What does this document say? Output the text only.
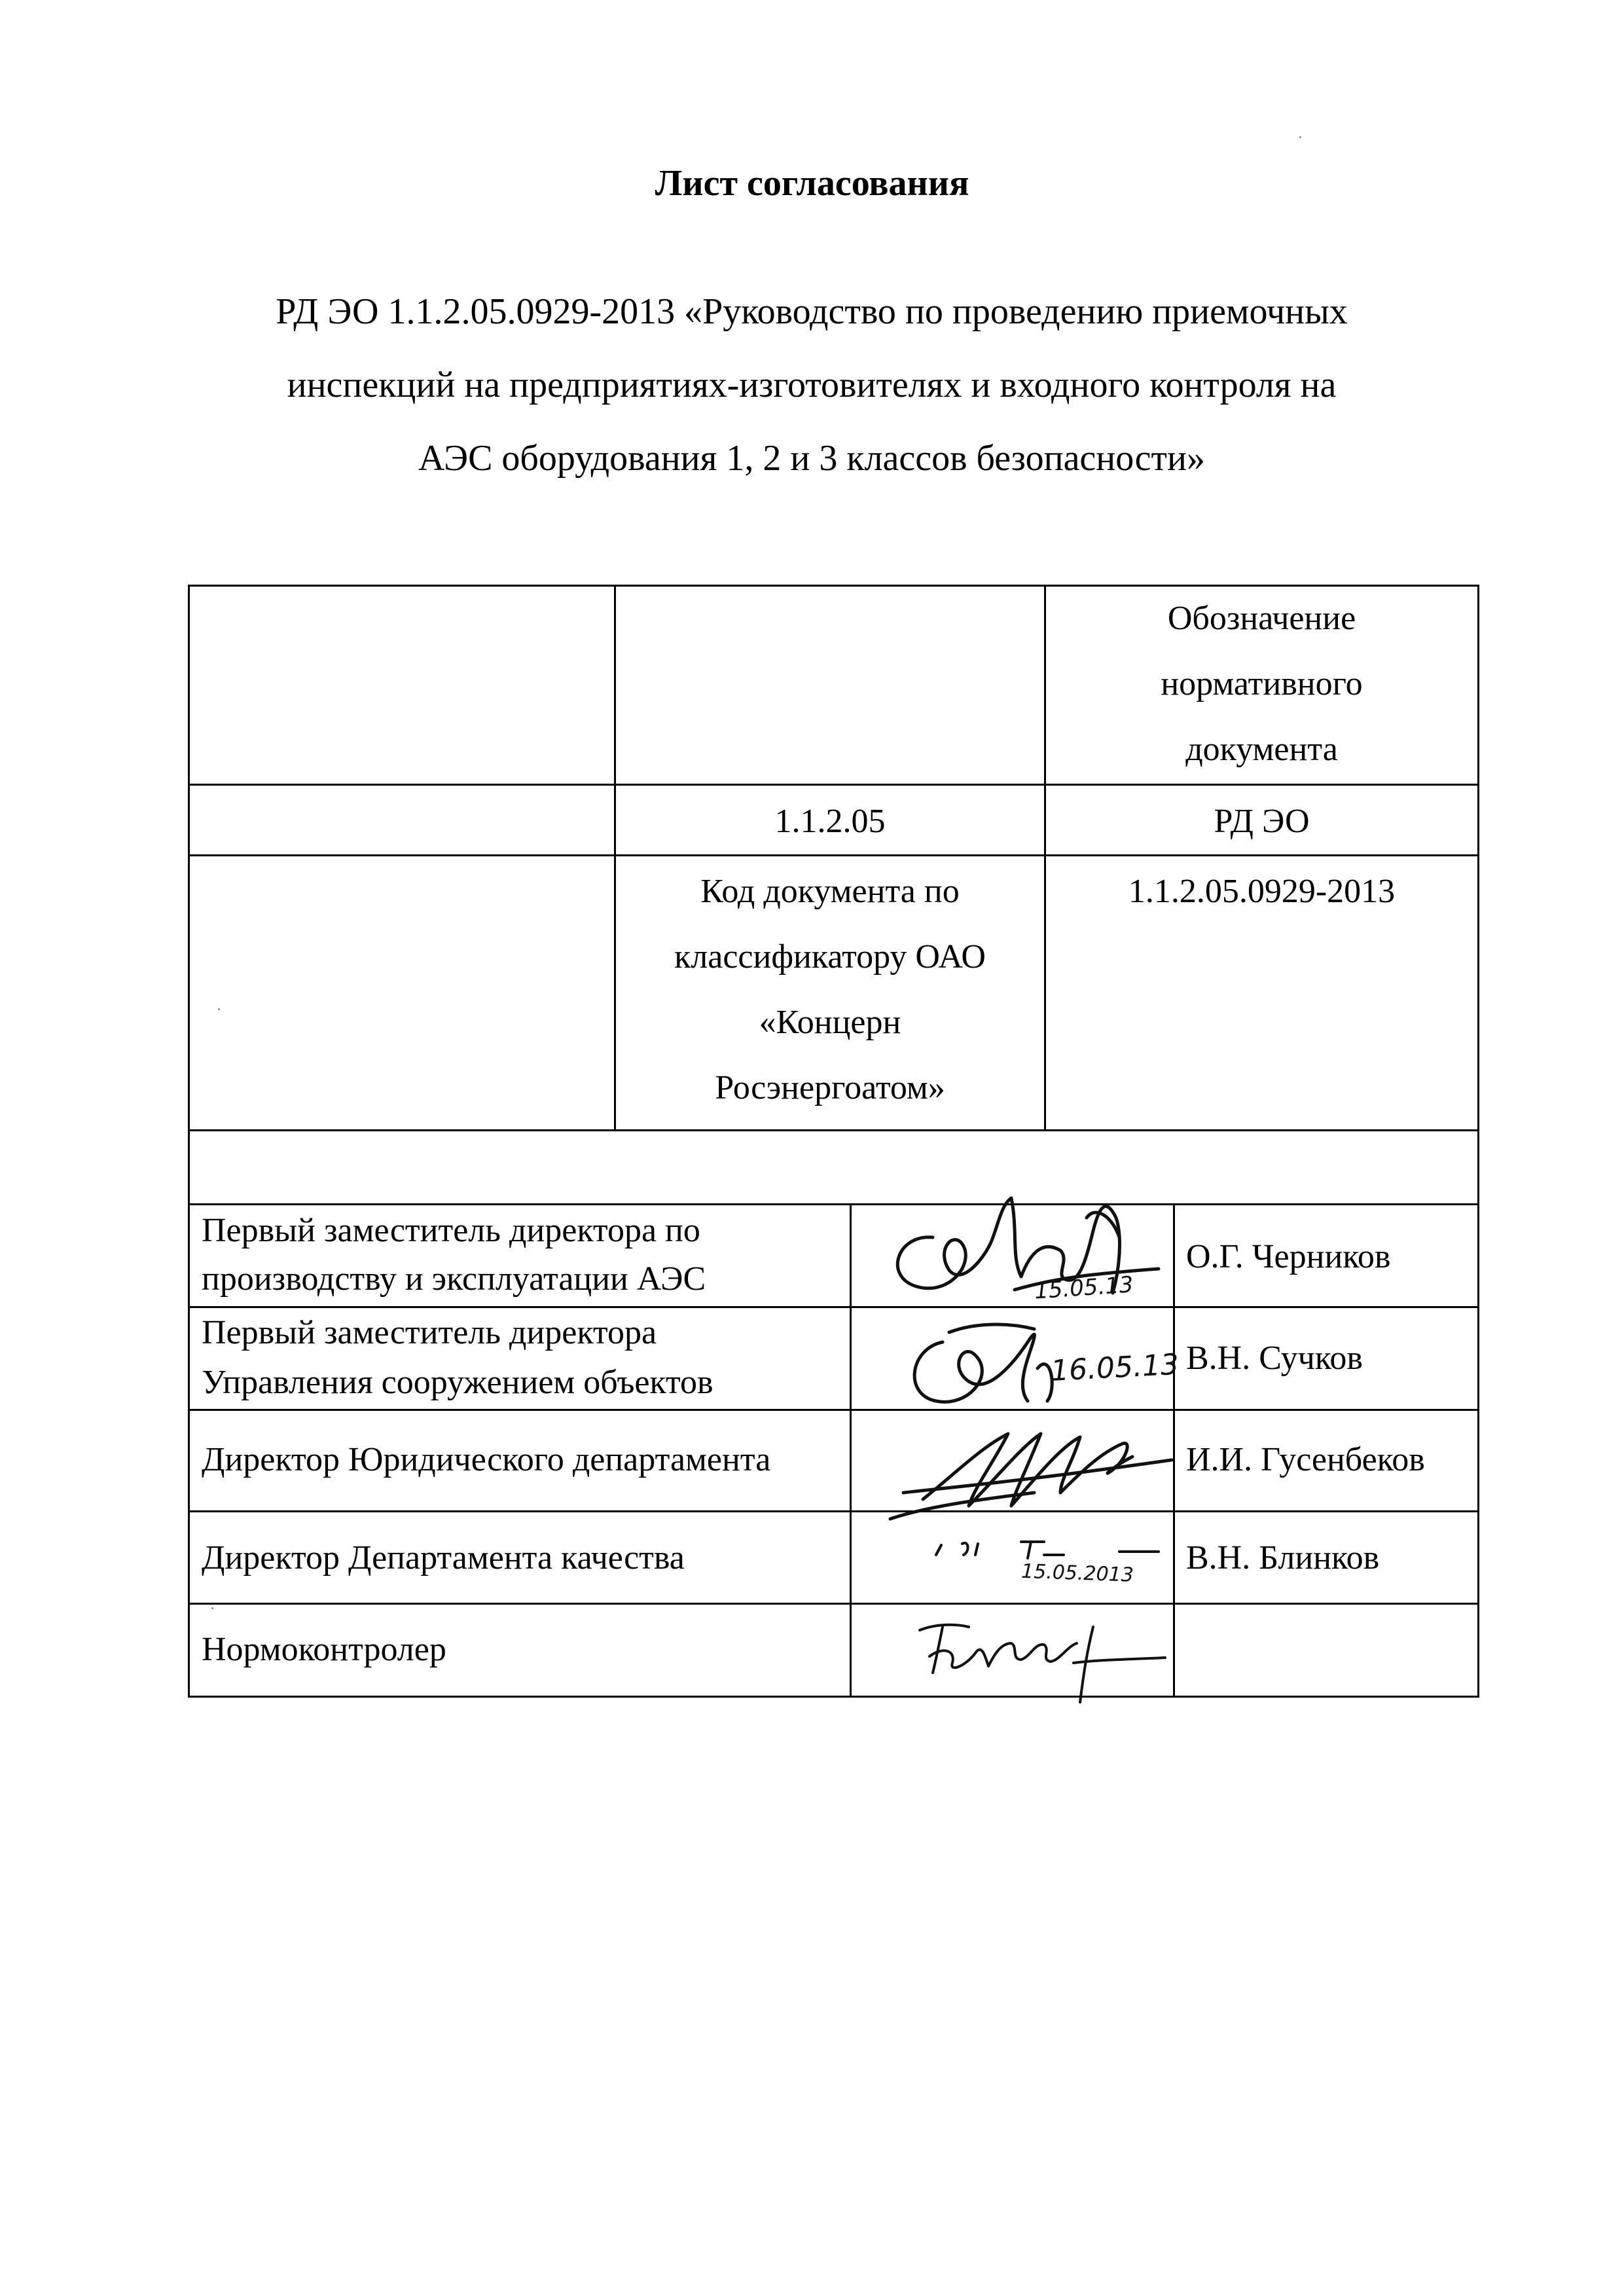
Лист согласования
РД ЭО 1.1.2.05.0929-2013 «Руководство по проведению приемочных
инспекций на предприятиях-изготовителях и входного контроля на
АЭС оборудования 1, 2 и 3 классов безопасности»
Обозначение
нормативного
документа
1.1.2.05	РД ЭО
Код документа по
классификатору ОАО
«Концерн
Росэнергоатом»
1.1.2.05.0929-2013
Первый заместитель директора по
производству и эксплуатации АЭС
Первый заместитель директора
Управления сооружением объектов
Директор Юридического департамента
Директор Департамента качества
Нормоконтролер
О.Г. Черников
В.Н. Сучков
И.И. Гусенбеков
В.Н. Блинков
15.05.13
16.05.13
15.05.2013
